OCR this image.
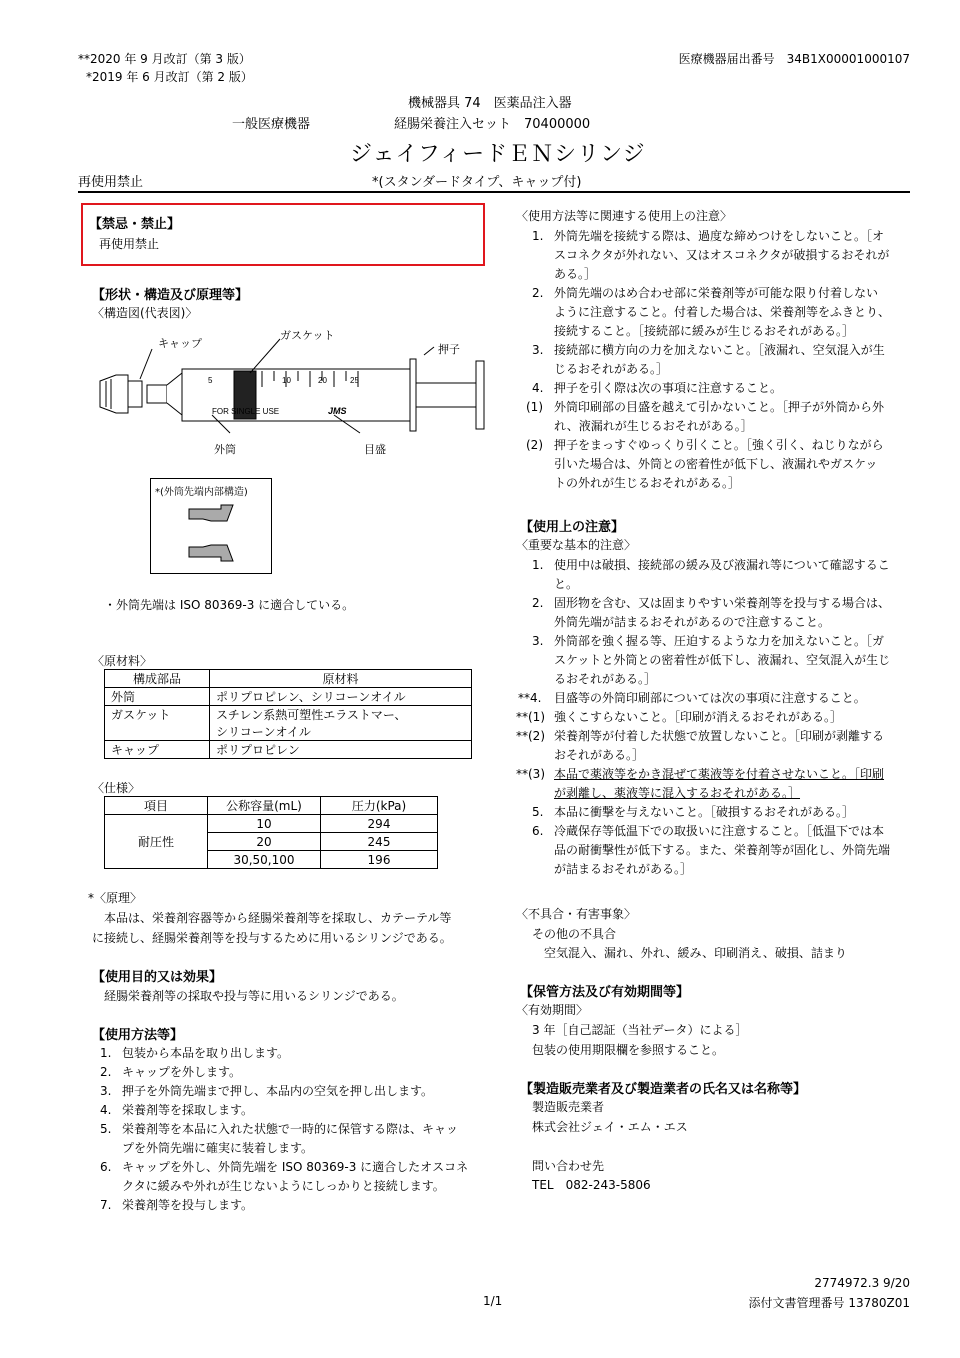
**2020 年 9 月改訂（第 3 版）
*2019 年 6 月改訂（第 2 版）
医療機器届出番号　34B1X00001000107
機械器具 74　医薬品注入器
一般医療機器	経腸栄養注入セット　70400000
ジェイフィードＥＮシリンジ
再使用禁止	*(スタンダードタイプ、キャップ付)
【禁忌・禁止】
再使用禁止
【形状・構造及び原理等】
〈構造図(代表図)〉
5	10	20	25
FOR SINGLE USE	JMS
キャップ
ガスケット
押子
外筒	目盛
*(外筒先端内部構造)
・外筒先端は ISO 80369-3 に適合している。
〈原材料〉
構成部品	原材料
外筒	ポリプロピレン、シリコーンオイル
ガスケット	スチレン系熱可塑性エラストマー、
シリコーンオイル

キャップ	ポリプロピレン
〈仕様〉
項目	公称容量(mL)	圧力(kPa)
耐圧性	10	294
	20	245
	30,50,100	196
*〈原理〉
本品は、栄養剤容器等から経腸栄養剤等を採取し、カテーテル等
に接続し、経腸栄養剤等を投与するために用いるシリンジである。
【使用目的又は効果】
経腸栄養剤等の採取や投与等に用いるシリンジである。
【使用方法等】
1. 包装から本品を取り出します。
2. キャップを外します。
3. 押子を外筒先端まで押し、本品内の空気を押し出します。
4. 栄養剤等を採取します。
5. 栄養剤等を本品に入れた状態で一時的に保管する際は、キャッ
プを外筒先端に確実に装着します。
6. キャップを外し、外筒先端を ISO 80369-3 に適合したオスコネ
クタに緩みや外れが生じないようにしっかりと接続します。
7. 栄養剤等を投与します。
〈使用方法等に関連する使用上の注意〉
1. 外筒先端を接続する際は、過度な締めつけをしないこと。［オ
スコネクタが外れない、又はオスコネクタが破損するおそれが
ある。］
2. 外筒先端のはめ合わせ部に栄養剤等が可能な限り付着しない
ように注意すること。付着した場合は、栄養剤等をふきとり、
接続すること。［接続部に緩みが生じるおそれがある。］
3. 接続部に横方向の力を加えないこと。［液漏れ、空気混入が生
じるおそれがある。］
4. 押子を引く際は次の事項に注意すること。
(1) 外筒印刷部の目盛を越えて引かないこと。［押子が外筒から外
れ、液漏れが生じるおそれがある。］
(2) 押子をまっすぐゆっくり引くこと。［強く引く、ねじりながら
引いた場合は、外筒との密着性が低下し、液漏れやガスケッ
トの外れが生じるおそれがある。］
【使用上の注意】
〈重要な基本的注意〉
1. 使用中は破損、接続部の緩み及び液漏れ等について確認するこ
と。
2. 固形物を含む、又は固まりやすい栄養剤等を投与する場合は、
外筒先端が詰まるおそれがあるので注意すること。
3. 外筒部を強く握る等、圧迫するような力を加えないこと。［ガ
スケットと外筒との密着性が低下し、液漏れ、空気混入が生じ
るおそれがある。］
**4. 目盛等の外筒印刷部については次の事項に注意すること。
**(1) 強くこすらないこと。［印刷が消えるおそれがある。］
**(2) 栄養剤等が付着した状態で放置しないこと。［印刷が剥離する
おそれがある。］
**(3) 本品で薬液等をかき混ぜて薬液等を付着させないこと。［印刷
が剥離し、薬液等に混入するおそれがある。］
5. 本品に衝撃を与えないこと。［破損するおそれがある。］
6. 冷蔵保存等低温下での取扱いに注意すること。［低温下では本
品の耐衝撃性が低下する。また、栄養剤等が固化し、外筒先端
が詰まるおそれがある。］
〈不具合・有害事象〉
その他の不具合
空気混入、漏れ、外れ、緩み、印刷消え、破損、詰まり
【保管方法及び有効期間等】
〈有効期間〉
3 年［自己認証（当社データ）による］
包装の使用期限欄を参照すること。
【製造販売業者及び製造業者の氏名又は名称等】
製造販売業者
株式会社ジェイ・エム・エス
問い合わせ先
TEL　082-243-5806
2774972.3 9/20
1/1	添付文書管理番号 13780Z01
